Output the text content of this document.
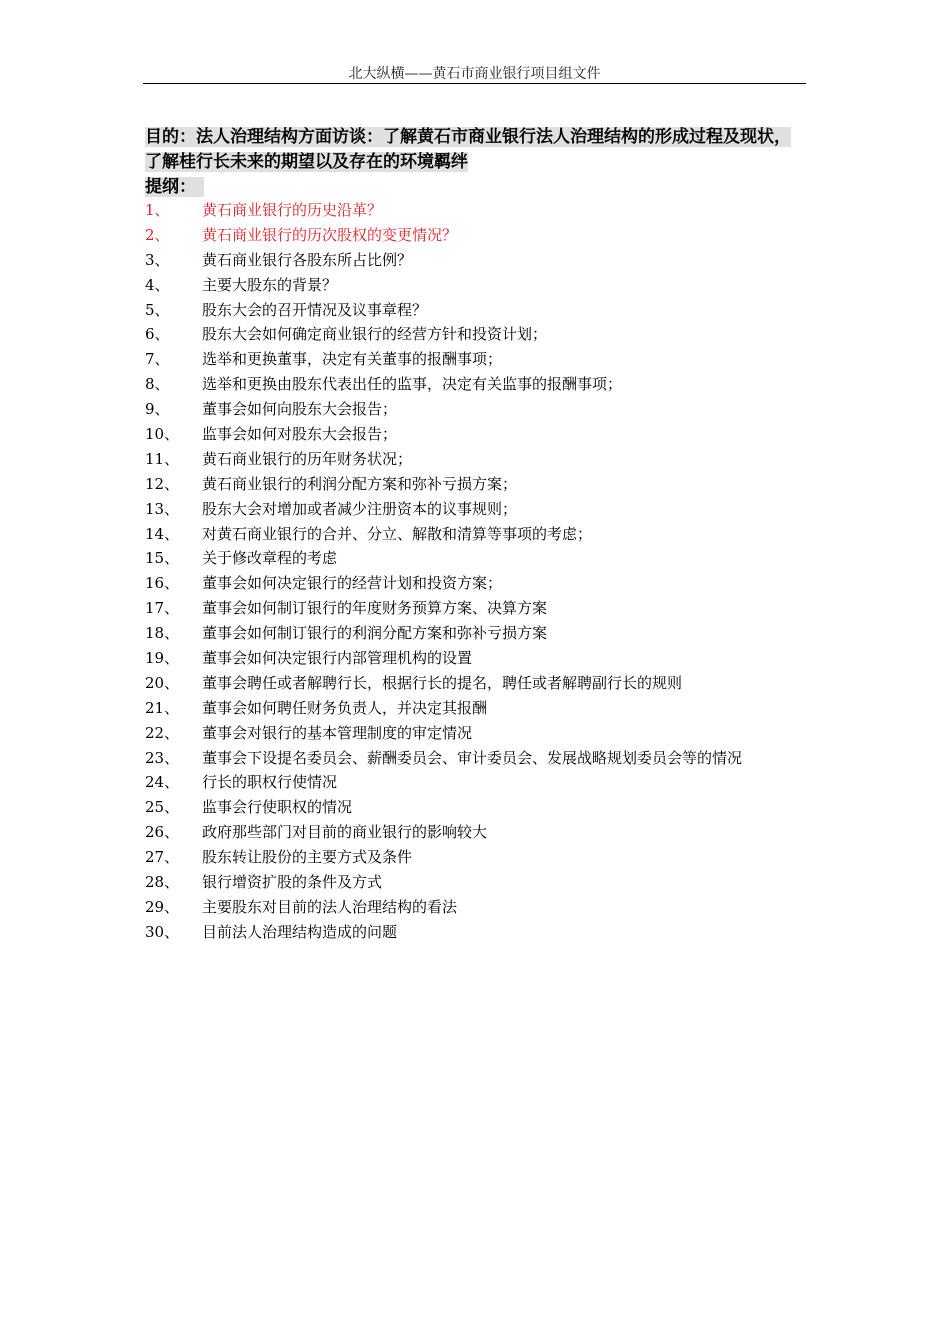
北大纵横——黄石市商业银行项目组文件
目的：法人治理结构方面访谈：了解黄石市商业银行法人治理结构的形成过程及现状，了解桂行长未来的期望以及存在的环境羁绊
提纲：
1、 黄石商业银行的历史沿革？
2、 黄石商业银行的历次股权的变更情况？
3、 黄石商业银行各股东所占比例？
4、 主要大股东的背景？
5、 股东大会的召开情况及议事章程？
6、 股东大会如何确定商业银行的经营方针和投资计划；
7、 选举和更换董事，决定有关董事的报酬事项；
8、 选举和更换由股东代表出任的监事，决定有关监事的报酬事项；
9、 董事会如何向股东大会报告；
10、 监事会如何对股东大会报告；
11、 黄石商业银行的历年财务状况；
12、 黄石商业银行的利润分配方案和弥补亏损方案；
13、 股东大会对增加或者减少注册资本的议事规则；
14、 对黄石商业银行的合并、分立、解散和清算等事项的考虑；
15、 关于修改章程的考虑
16、 董事会如何决定银行的经营计划和投资方案；
17、 董事会如何制订银行的年度财务预算方案、决算方案
18、 董事会如何制订银行的利润分配方案和弥补亏损方案
19、 董事会如何决定银行内部管理机构的设置
20、 董事会聘任或者解聘行长，根据行长的提名，聘任或者解聘副行长的规则
21、 董事会如何聘任财务负责人，并决定其报酬
22、 董事会对银行的基本管理制度的审定情况
23、 董事会下设提名委员会、薪酬委员会、审计委员会、发展战略规划委员会等的情况
24、 行长的职权行使情况
25、 监事会行使职权的情况
26、 政府那些部门对目前的商业银行的影响较大
27、 股东转让股份的主要方式及条件
28、 银行增资扩股的条件及方式
29、 主要股东对目前的法人治理结构的看法
30、 目前法人治理结构造成的问题
